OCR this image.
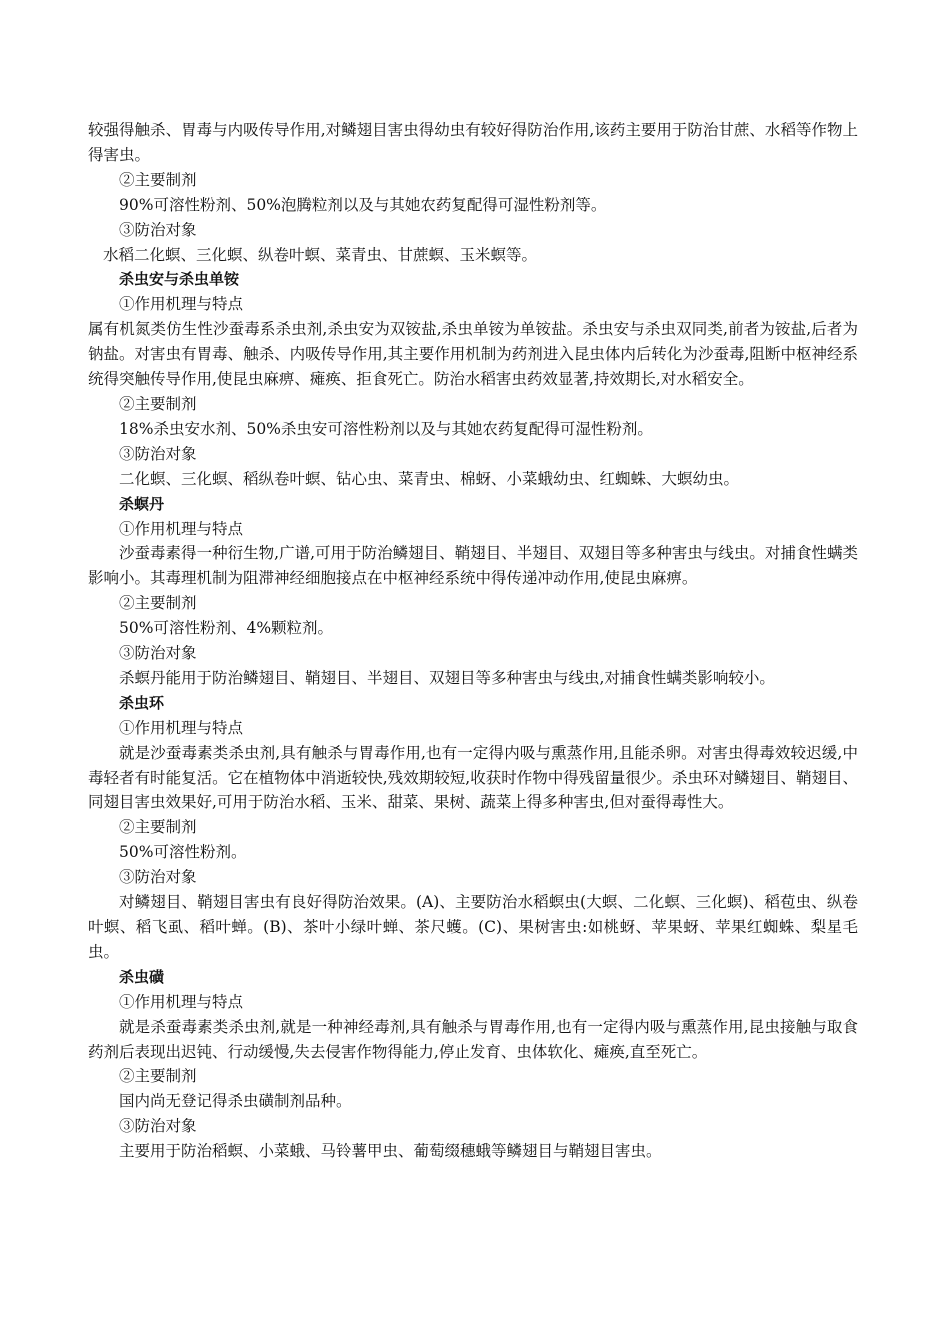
较强得触杀、胃毒与内吸传导作用,对鳞翅目害虫得幼虫有较好得防治作用,该药主要用于防治甘蔗、水稻等作物上得害虫。

②主要制剂

90%可溶性粉剂、50%泡腾粒剂以及与其她农药复配得可湿性粉剂等。

③防治对象

水稻二化螟、三化螟、纵卷叶螟、菜青虫、甘蔗螟、玉米螟等。

杀虫安与杀虫单铵

①作用机理与特点

属有机氮类仿生性沙蚕毒系杀虫剂,杀虫安为双铵盐,杀虫单铵为单铵盐。杀虫安与杀虫双同类,前者为铵盐,后者为钠盐。对害虫有胃毒、触杀、内吸传导作用,其主要作用机制为药剂进入昆虫体内后转化为沙蚕毒,阻断中枢神经系统得突触传导作用,使昆虫麻痹、瘫痪、拒食死亡。防治水稻害虫药效显著,持效期长,对水稻安全。

②主要制剂

18%杀虫安水剂、50%杀虫安可溶性粉剂以及与其她农药复配得可湿性粉剂。

③防治对象

二化螟、三化螟、稻纵卷叶螟、钻心虫、菜青虫、棉蚜、小菜蛾幼虫、红蜘蛛、大螟幼虫。

杀螟丹

①作用机理与特点

沙蚕毒素得一种衍生物,广谱,可用于防治鳞翅目、鞘翅目、半翅目、双翅目等多种害虫与线虫。对捕食性螨类影响小。其毒理机制为阻滞神经细胞接点在中枢神经系统中得传递冲动作用,使昆虫麻痹。

②主要制剂

50%可溶性粉剂、4%颗粒剂。

③防治对象

杀螟丹能用于防治鳞翅目、鞘翅目、半翅目、双翅目等多种害虫与线虫,对捕食性螨类影响较小。

杀虫环

①作用机理与特点

就是沙蚕毒素类杀虫剂,具有触杀与胃毒作用,也有一定得内吸与熏蒸作用,且能杀卵。对害虫得毒效较迟缓,中毒轻者有时能复活。它在植物体中消逝较快,残效期较短,收获时作物中得残留量很少。杀虫环对鳞翅目、鞘翅目、同翅目害虫效果好,可用于防治水稻、玉米、甜菜、果树、蔬菜上得多种害虫,但对蚕得毒性大。

②主要制剂

50%可溶性粉剂。

③防治对象

对鳞翅目、鞘翅目害虫有良好得防治效果。(A)、主要防治水稻螟虫(大螟、二化螟、三化螟)、稻苞虫、纵卷叶螟、稻飞虱、稻叶蝉。(B)、茶叶小绿叶蝉、茶尺蠖。(C)、果树害虫:如桃蚜、苹果蚜、苹果红蜘蛛、梨星毛虫。

杀虫磺

①作用机理与特点

就是杀蚕毒素类杀虫剂,就是一种神经毒剂,具有触杀与胃毒作用,也有一定得内吸与熏蒸作用,昆虫接触与取食药剂后表现出迟钝、行动缓慢,失去侵害作物得能力,停止发育、虫体软化、瘫痪,直至死亡。

②主要制剂

国内尚无登记得杀虫磺制剂品种。

③防治对象

主要用于防治稻螟、小菜蛾、马铃薯甲虫、葡萄缀穗蛾等鳞翅目与鞘翅目害虫。
